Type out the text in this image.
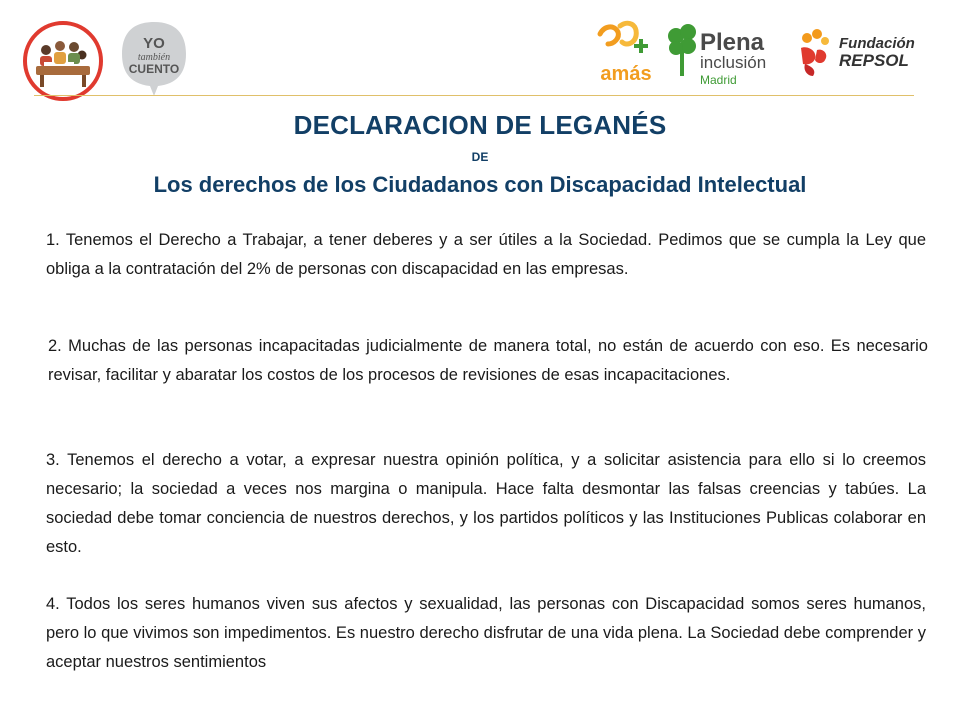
YO
también
CUENTO	amás
Plena
inclusión
Madrid
Fundación
REPSOL
DECLARACION DE LEGANÉS
DE
Los derechos de los Ciudadanos con Discapacidad Intelectual

1. Tenemos el Derecho a Trabajar, a tener deberes y a ser útiles a la Sociedad. Pedimos que se cumpla la Ley que obliga a la contratación del 2% de personas con discapacidad en las empresas.

2. Muchas de las personas incapacitadas judicialmente de manera total, no están de acuerdo con eso. Es necesario revisar, facilitar y abaratar los costos de los procesos de revisiones de esas incapacitaciones.

3. Tenemos el derecho a votar, a expresar nuestra opinión política, y a solicitar asistencia para ello si lo creemos necesario; la sociedad a veces nos margina o manipula. Hace falta desmontar las falsas creencias y tabúes. La sociedad debe tomar conciencia de nuestros derechos, y los partidos políticos y las Instituciones Publicas colaborar en esto.

4. Todos los seres humanos viven sus afectos y sexualidad, las personas con Discapacidad somos seres humanos, pero lo que vivimos son impedimentos. Es nuestro derecho disfrutar de una vida plena. La Sociedad debe comprender y aceptar nuestros sentimientos
